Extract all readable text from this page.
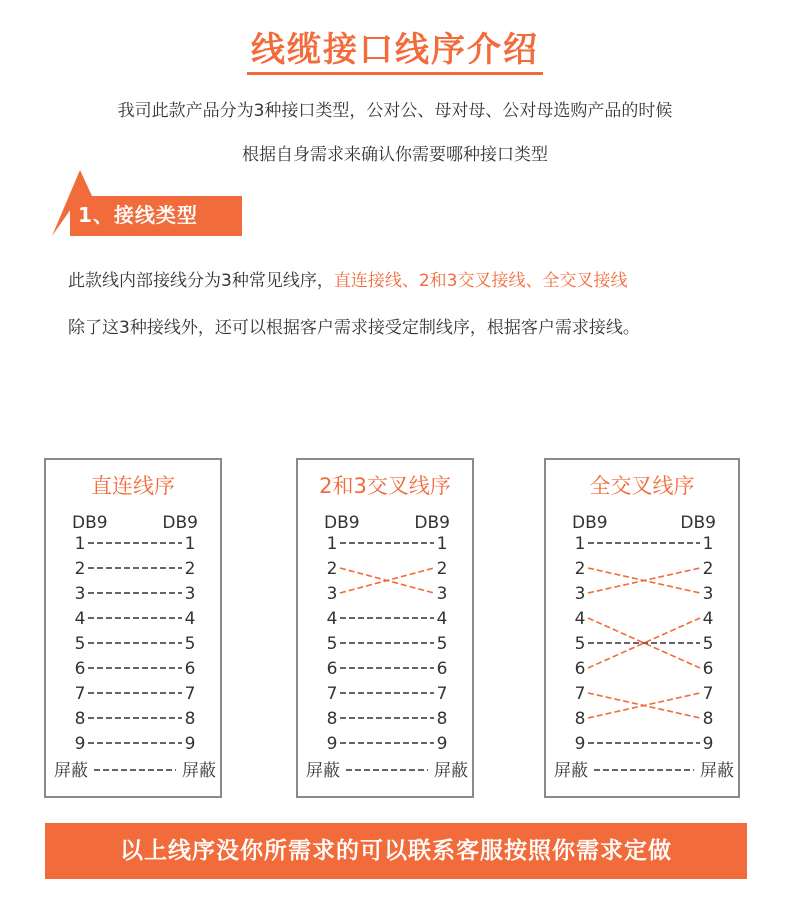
线缆接口线序介绍
我司此款产品分为3种接口类型，公对公、母对母、公对母选购产品的时候
根据自身需求来确认你需要哪种接口类型
1、接线类型
此款线内部接线分为3种常见线序，直连接线、2和3交叉接线、全交叉接线
除了这3种接线外，还可以根据客户需求接受定制线序，根据客户需求接线。
直连线序
DB9	DB9
1	1
2	2
3	3
4	4
5	5
6	6
7	7
8	8
9	9
屏蔽	屏蔽
2和3交叉线序
DB9	DB9
1	1
2	2
3	3
4	4
5	5
6	6
7	7
8	8
9	9
屏蔽	屏蔽
全交叉线序
DB9	DB9
1	1
2	2
3	3
4	4
5	5
6	6
7	7
8	8
9	9
屏蔽	屏蔽
以上线序没你所需求的可以联系客服按照你需求定做
